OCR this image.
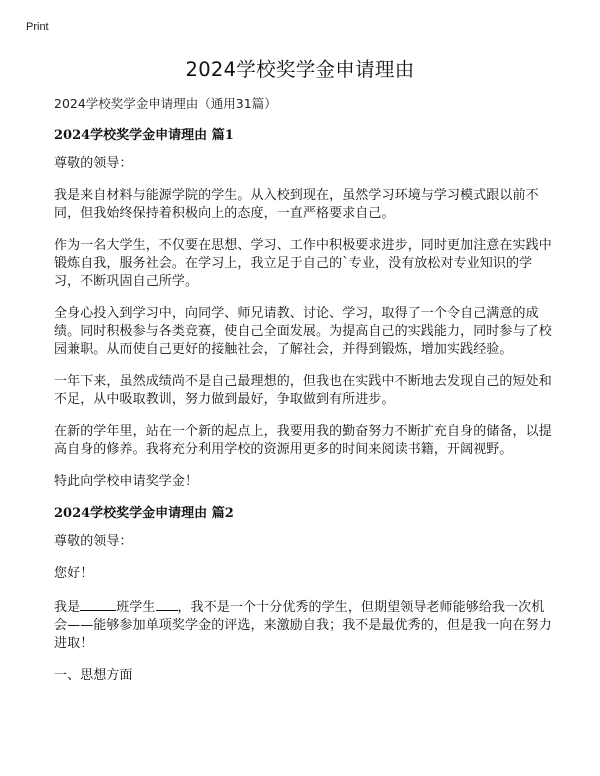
Print
2024学校奖学金申请理由

2024学校奖学金申请理由（通用31篇）

2024学校奖学金申请理由 篇1

尊敬的领导：

我是来自材料与能源学院的学生。从入校到现在，虽然学习环境与学习模式跟以前不同，但我始终保持着积极向上的态度，一直严格要求自己。

作为一名大学生，不仅要在思想、学习、工作中积极要求进步，同时更加注意在实践中锻炼自我，服务社会。在学习上，我立足于自己的`专业，没有放松对专业知识的学习，不断巩固自己所学。

全身心投入到学习中，向同学、师兄请教、讨论、学习，取得了一个令自己满意的成绩。同时积极参与各类竞赛，使自己全面发展。为提高自己的实践能力，同时参与了校园兼职。从而使自己更好的接触社会，了解社会，并得到锻炼，增加实践经验。

一年下来，虽然成绩尚不是自己最理想的，但我也在实践中不断地去发现自己的短处和不足，从中吸取教训，努力做到最好，争取做到有所进步。

在新的学年里，站在一个新的起点上，我要用我的勤奋努力不断扩充自身的储备，以提高自身的修养。我将充分利用学校的资源用更多的时间来阅读书籍，开阔视野。

特此向学校申请奖学金！

2024学校奖学金申请理由 篇2

尊敬的领导：

您好！

我是	班学生 ，我不是一个十分优秀的学生，但期望领导老师能够给我一次机会——能够参加单项奖学金的评选，来激励自我；我不是最优秀的，但是我一向在努力进取！

一、思想方面
